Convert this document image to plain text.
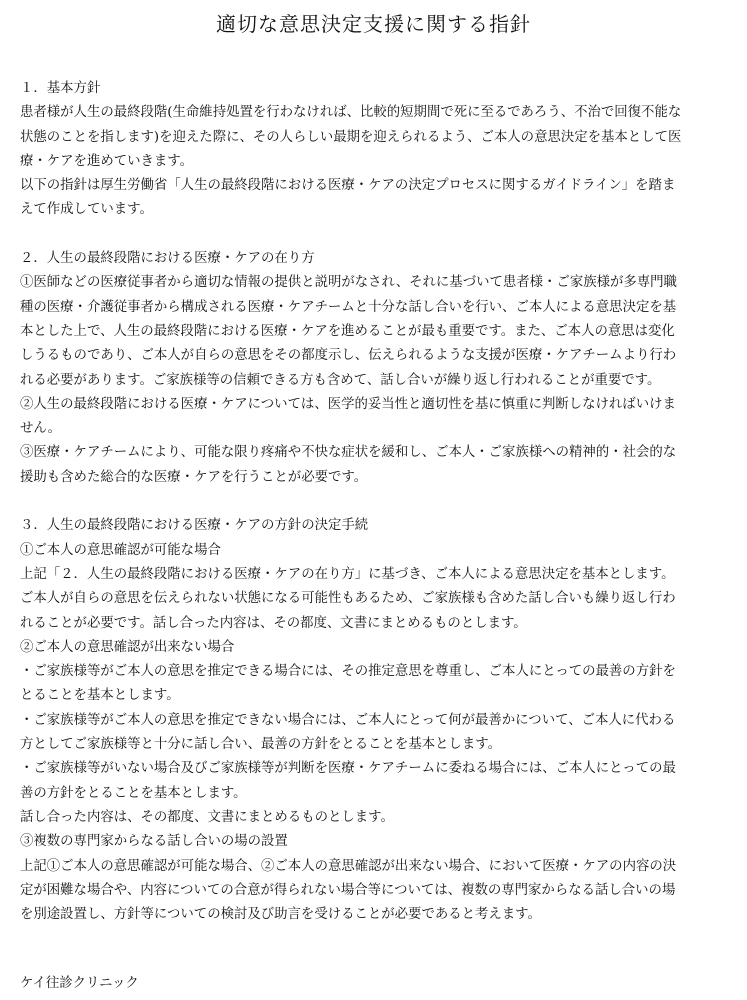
適切な意思決定支援に関する指針
１．基本方針
患者様が人生の最終段階(生命維持処置を行わなければ、比較的短期間で死に至るであろう、不治で回復不能な
状態のことを指します)を迎えた際に、その人らしい最期を迎えられるよう、ご本人の意思決定を基本として医
療・ケアを進めていきます。
以下の指針は厚生労働省「人生の最終段階における医療・ケアの決定プロセスに関するガイドライン」を踏ま
えて作成しています。
２．人生の最終段階における医療・ケアの在り方
①医師などの医療従事者から適切な情報の提供と説明がなされ、それに基づいて患者様・ご家族様が多専門職
種の医療・介護従事者から構成される医療・ケアチームと十分な話し合いを行い、ご本人による意思決定を基
本とした上で、人生の最終段階における医療・ケアを進めることが最も重要です。また、ご本人の意思は変化
しうるものであり、ご本人が自らの意思をその都度示し、伝えられるような支援が医療・ケアチームより行わ
れる必要があります。ご家族様等の信頼できる方も含めて、話し合いが繰り返し行われることが重要です。
②人生の最終段階における医療・ケアについては、医学的妥当性と適切性を基に慎重に判断しなければいけま
せん。
③医療・ケアチームにより、可能な限り疼痛や不快な症状を緩和し、ご本人・ご家族様への精神的・社会的な
援助も含めた総合的な医療・ケアを行うことが必要です。
３．人生の最終段階における医療・ケアの方針の決定手続
①ご本人の意思確認が可能な場合
上記「２．人生の最終段階における医療・ケアの在り方」に基づき、ご本人による意思決定を基本とします。
ご本人が自らの意思を伝えられない状態になる可能性もあるため、ご家族様も含めた話し合いも繰り返し行わ
れることが必要です。話し合った内容は、その都度、文書にまとめるものとします。
②ご本人の意思確認が出来ない場合
・ご家族様等がご本人の意思を推定できる場合には、その推定意思を尊重し、ご本人にとっての最善の方針を
とることを基本とします。
・ご家族様等がご本人の意思を推定できない場合には、ご本人にとって何が最善かについて、ご本人に代わる
方としてご家族様等と十分に話し合い、最善の方針をとることを基本とします。
・ご家族様等がいない場合及びご家族様等が判断を医療・ケアチームに委ねる場合には、ご本人にとっての最
善の方針をとることを基本とします。
話し合った内容は、その都度、文書にまとめるものとします。
③複数の専門家からなる話し合いの場の設置
上記①ご本人の意思確認が可能な場合、②ご本人の意思確認が出来ない場合、において医療・ケアの内容の決
定が困難な場合や、内容についての合意が得られない場合等については、複数の専門家からなる話し合いの場
を別途設置し、方針等についての検討及び助言を受けることが必要であると考えます。
ケイ往診クリニック
